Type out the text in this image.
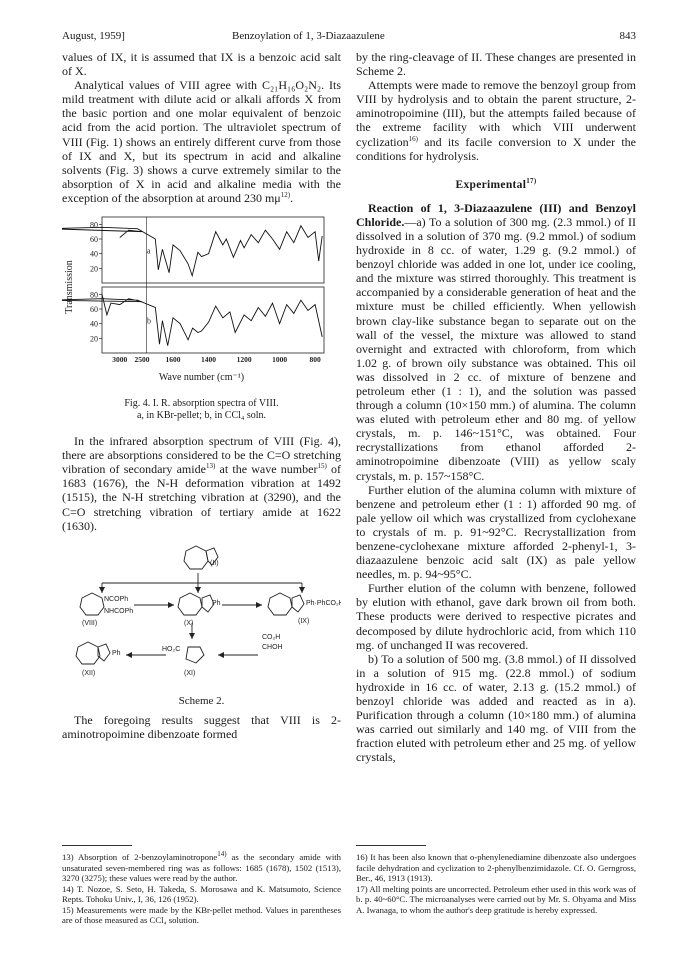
August, 1959]	Benzoylation of 1, 3-Diazaazulene	843

values of IX, it is assumed that IX is a benzoic acid salt of X.

Analytical values of VIII agree with C₂₁H₁₆O₂N₂. Its mild treatment with dilute acid or alkali affords X from the basic portion and one molar equivalent of benzoic acid from the acid portion. The ultraviolet spectrum of VIII (Fig. 1) shows an entirely different curve from those of IX and X, but its spectrum in acid and alkaline solvents (Fig. 3) shows a curve extremely similar to the absorption of X in acid and alkaline media with the exception of the absorption at around 230 $m\mu^{12)}$.

80
60
40
20
a
80
60
40
20
b
3000 2500 1600	1400	1200	1000	800
Transmission
Wave number (cm⁻¹)
Fig. 4. I. R. absorption spectra of VIII.
a, in KBr-pellet; b, in CCl₄ soln.

In the infrared absorption spectrum of VIII (Fig. 4), there are absorptions considered to be the C=O stretching vibration of secondary amide$^{13)}$ at the wave number$^{15)}$ of 1683 (1676), the N-H deformation vibration at 1492 (1515), the N-H stretching vibration at (3290), and the C=O stretching vibration of tertiary amide at 1622 (1630).

(II)
(VIII)	(X)	(IX)
(XII)	(XI)
NCOPh
NHCOPh
Ph	Ph·PhCO₂H
HO₂C
CO₂H
CHOH
Ph
Scheme 2.

The foregoing results suggest that VIII is 2-aminotropoimine dibenzoate formed

by the ring-cleavage of II. These changes are presented in Scheme 2.

Attempts were made to remove the benzoyl group from VIII by hydrolysis and to obtain the parent structure, 2-aminotropoimine (III), but the attempts failed because of the extreme facility with which VIII underwent cyclization$^{16)}$ and its facile conversion to X under the conditions for hydrolysis.

Experimental$^{17)}$

Reaction of 1, 3-Diazaazulene (III) and Benzoyl Chloride.—a) To a solution of 300 mg. (2.3 mmol.) of II dissolved in a solution of 370 mg. (9.2 mmol.) of sodium hydroxide in 8 cc. of water, 1.29 g. (9.2 mmol.) of benzoyl chloride was added in one lot, under ice cooling, and the mixture was stirred thoroughly. This treatment is accompanied by a considerable generation of heat and the mixture must be chilled efficiently. When yellowish brown clay-like substance began to separate out on the wall of the vessel, the mixture was allowed to stand overnight and extracted with chloroform, from which 1.02 g. of brown oily substance was obtained. This oil was dissolved in 2 cc. of mixture of benzene and petroleum ether (1 : 1), and the solution was passed through a column (10×150 mm.) of alumina. The column was eluted with petroleum ether and 80 mg. of yellow crystals, m. p. 146~151°C, was obtained. Four recrystallizations from ethanol afforded 2-aminotropoimine dibenzoate (VIII) as yellow scaly crystals, m. p. 157~158°C.

Further elution of the alumina column with mixture of benzene and petroleum ether (1 : 1) afforded 90 mg. of pale yellow oil which was crystallized from cyclohexane to crystals of m. p. 91~92°C. Recrystallization from benzene-cyclohexane mixture afforded 2-phenyl-1, 3-diazaazulene benzoic acid salt (IX) as pale yellow needles, m. p. 94~95°C.

Further elution of the column with benzene, followed by elution with ethanol, gave dark brown oil from both. These products were derived to respective picrates and decomposed by dilute hydrochloric acid, from which 110 mg. of unchanged II was recovered.

b) To a solution of 500 mg. (3.8 mmol.) of II dissolved in a solution of 915 mg. (22.8 mmol.) of sodium hydroxide in 16 cc. of water, 2.13 g. (15.2 mmol.) of benzoyl chloride was added and reacted as in a). Purification through a column (10×180 mm.) of alumina was carried out similarly and 140 mg. of VIII from the fraction eluted with petroleum ether and 25 mg. of yellow crystals,

13) Absorption of 2-benzoylaminotropone$^{14)}$ as the secondary amide with unsaturated seven-membered ring was as follows: 1685 (1678), 1502 (1513), 3270 (3275); these values were read by the author.

14) T. Nozoe, S. Seto, H. Takeda, S. Morosawa and K. Matsumoto, Science Repts. Tohoku Univ., I, 36, 126 (1952).

15) Measurements were made by the KBr-pellet method. Values in parentheses are of those measured as CCl₄ solution.

16) It has been also known that o-phenylenediamine dibenzoate also undergoes facile dehydration and cyclization to 2-phenylbenzimidazole. Cf. O. Gerngross, Ber., 46, 1913 (1913).

17) All melting points are uncorrected. Petroleum ether used in this work was of b. p. 40~60°C. The microanalyses were carried out by Mr. S. Ohyama and Miss A. Iwanaga, to whom the author's deep gratitude is hereby expressed.
